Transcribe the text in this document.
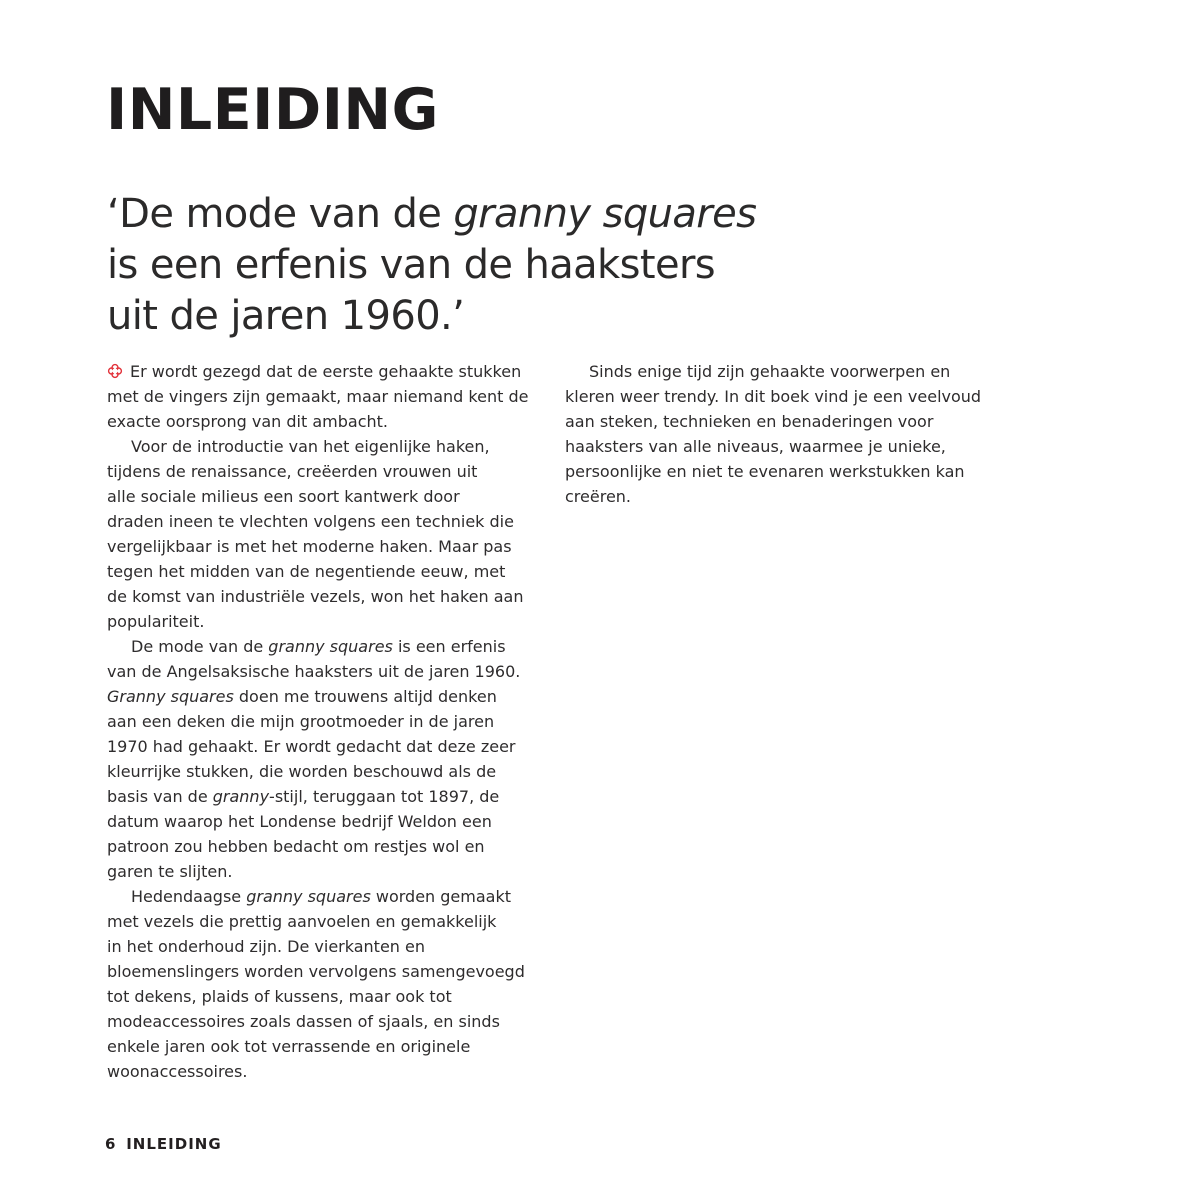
INLEIDING
‘De mode van de granny squares
is een erfenis van de haaksters
uit de jaren 1960.’
Er wordt gezegd dat de eerste gehaakte stukken
met de vingers zijn gemaakt, maar niemand kent de
exacte oorsprong van dit ambacht.
Voor de introductie van het eigenlijke haken,
tijdens de renaissance, creëerden vrouwen uit
alle sociale milieus een soort kantwerk door
draden ineen te vlechten volgens een techniek die
vergelijkbaar is met het moderne haken. Maar pas
tegen het midden van de negentiende eeuw, met
de komst van industriële vezels, won het haken aan
populariteit.
De mode van de granny squares is een erfenis
van de Angelsaksische haaksters uit de jaren 1960.
Granny squares doen me trouwens altijd denken
aan een deken die mijn grootmoeder in de jaren
1970 had gehaakt. Er wordt gedacht dat deze zeer
kleurrijke stukken, die worden beschouwd als de
basis van de granny-stijl, teruggaan tot 1897, de
datum waarop het Londense bedrijf Weldon een
patroon zou hebben bedacht om restjes wol en
garen te slijten.
Hedendaagse granny squares worden gemaakt
met vezels die prettig aanvoelen en gemakkelijk
in het onderhoud zijn. De vierkanten en
bloemenslingers worden vervolgens samengevoegd
tot dekens, plaids of kussens, maar ook tot
modeaccessoires zoals dassen of sjaals, en sinds
enkele jaren ook tot verrassende en originele
woonaccessoires.
Sinds enige tijd zijn gehaakte voorwerpen en
kleren weer trendy. In dit boek vind je een veelvoud
aan steken, technieken en benaderingen voor
haaksters van alle niveaus, waarmee je unieke,
persoonlijke en niet te evenaren werkstukken kan
creëren.
6 INLEIDING
